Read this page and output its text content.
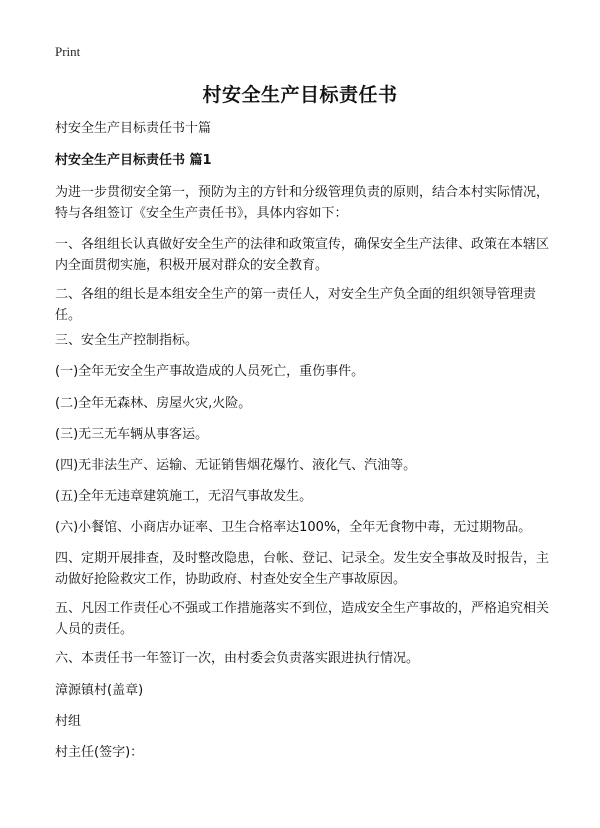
Print
村安全生产目标责任书

村安全生产目标责任书十篇

村安全生产目标责任书 篇1

为进一步贯彻安全第一，预防为主的方针和分级管理负责的原则，结合本村实际情况，特与各组签订《安全生产责任书》，具体内容如下：

一、各组组长认真做好安全生产的法律和政策宣传，确保安全生产法律、政策在本辖区内全面贯彻实施，积极开展对群众的安全教育。

二、各组的组长是本组安全生产的第一责任人，对安全生产负全面的组织领导管理责任。

三、安全生产控制指标。

(一)全年无安全生产事故造成的人员死亡，重伤事件。

(二)全年无森林、房屋火灾,火险。

(三)无三无车辆从事客运。

(四)无非法生产、运输、无证销售烟花爆竹、液化气、汽油等。

(五)全年无违章建筑施工，无沼气事故发生。

(六)小餐馆、小商店办证率、卫生合格率达100%，全年无食物中毒，无过期物品。

四、定期开展排查，及时整改隐患，台帐、登记、记录全。发生安全事故及时报告，主动做好抢险救灾工作，协助政府、村查处安全生产事故原因。

五、凡因工作责任心不强或工作措施落实不到位，造成安全生产事故的，严格追究相关人员的责任。

六、本责任书一年签订一次，由村委会负责落实跟进执行情况。

漳源镇村(盖章)

村组

村主任(签字)：
